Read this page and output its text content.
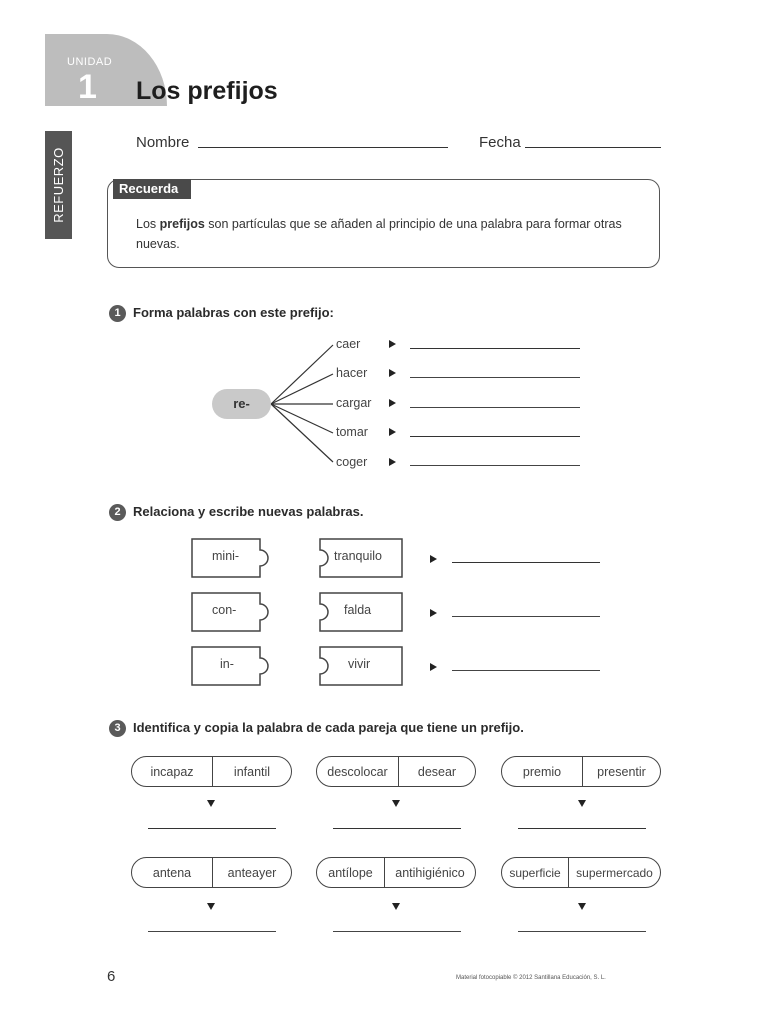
UNIDAD
1 Los prefijos
REFUERZO
Nombre	Fecha
Recuerda
Los prefijos son partículas que se añaden al principio de una palabra para formar otras nuevas.
1 Forma palabras con este prefijo:
re-
caer
hacer
cargar
tomar
coger
2 Relaciona y escribe nuevas palabras.
mini-
con-
in-
tranquilo
falda
vivir
3 Identifica y copia la palabra de cada pareja que tiene un prefijo.
incapaz	infantil	descolocar	desear	premio	presentir
antena	anteayer	antílope	antihigiénico	superficie	supermercado
6	Material fotocopiable © 2012 Santillana Educación, S. L.
